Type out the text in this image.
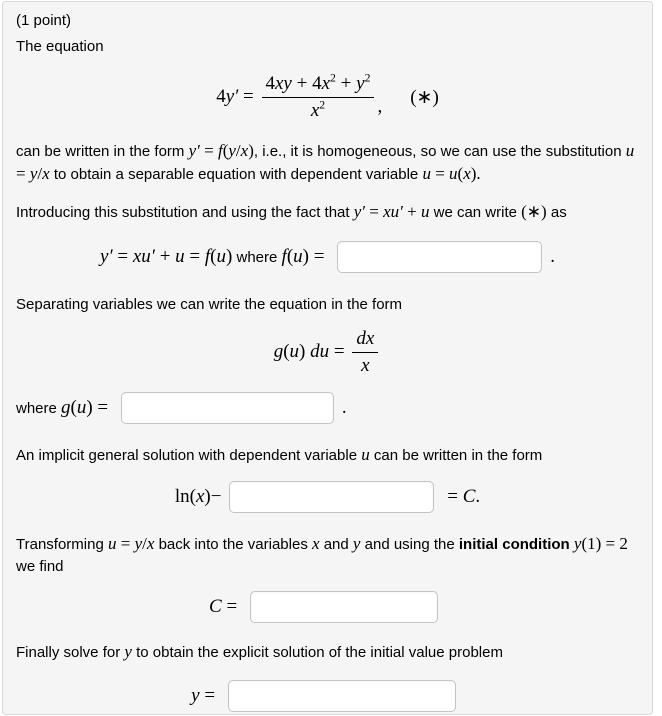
(1 point)

The equation

$4y' = \frac{4xy + 4x^2 + y^2}{x^2}$ , (∗)

can be written in the form y′ = f(y/x), i.e., it is homogeneous, so we can use the substitution u = y/x to obtain a separable equation with dependent variable u = u(x).

Introducing this substitution and using the fact that y′ = xu′ + u we can write (∗) as

y′ = xu′ + u = f(u) where f(u) =	.

Separating variables we can write the equation in the form

g(u) du = $\frac{dx}{x}$
where g(u) =	.

An implicit general solution with dependent variable u can be written in the form

ln(x)−	= C.

Transforming u = y/x back into the variables x and y and using the initial condition y(1) = 2 we find

C =

Finally solve for y to obtain the explicit solution of the initial value problem

y =
